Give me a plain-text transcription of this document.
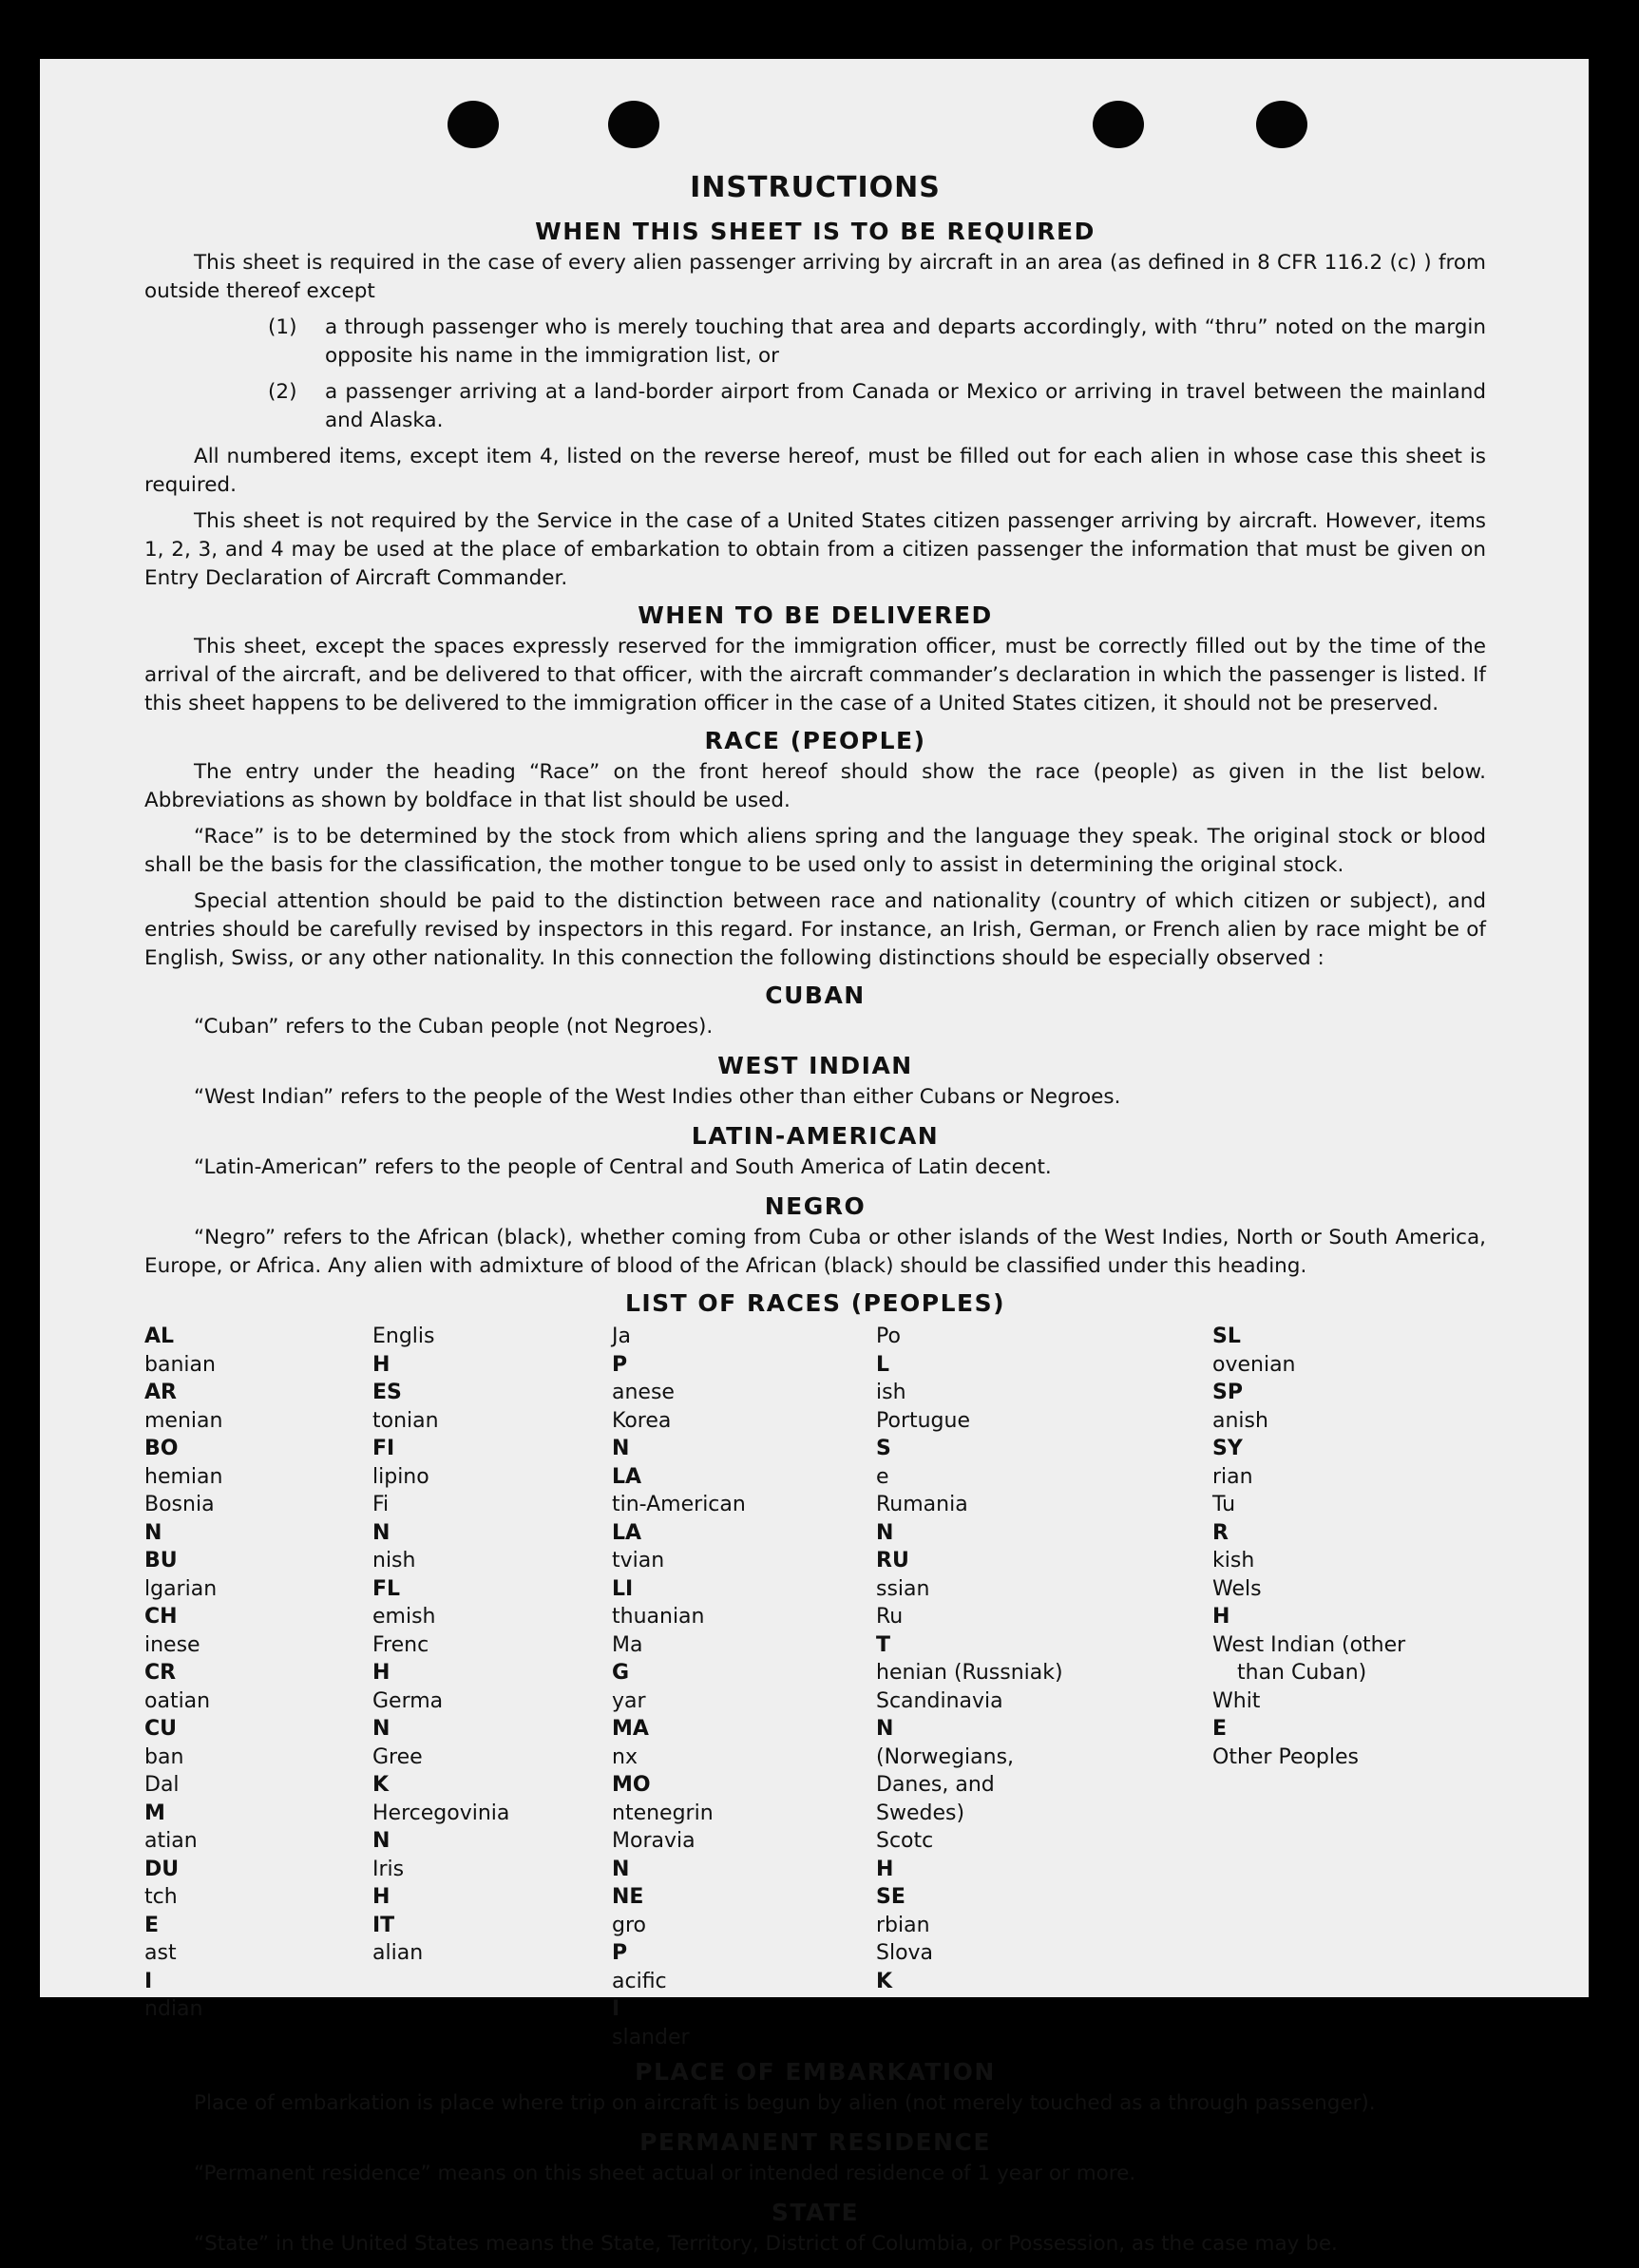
INSTRUCTIONS
WHEN THIS SHEET IS TO BE REQUIRED

This sheet is required in the case of every alien passenger arriving by aircraft in an area (as defined in 8 CFR 116.2 (c) ) from outside thereof except

(1)	a through passenger who is merely touching that area and departs accordingly, with “thru” noted on the margin opposite his name in the immigration list, or
(2)	a passenger arriving at a land-border airport from Canada or Mexico or arriving in travel between the mainland and Alaska.

All numbered items, except item 4, listed on the reverse hereof, must be filled out for each alien in whose case this sheet is required.

This sheet is not required by the Service in the case of a United States citizen passenger arriving by aircraft. However, items 1, 2, 3, and 4 may be used at the place of embarkation to obtain from a citizen passenger the information that must be given on Entry Declaration of Aircraft Commander.

WHEN TO BE DELIVERED

This sheet, except the spaces expressly reserved for the immigration officer, must be correctly filled out by the time of the arrival of the aircraft, and be delivered to that officer, with the aircraft commander’s declaration in which the passenger is listed. If this sheet happens to be delivered to the immigration officer in the case of a United States citizen, it should not be preserved.

RACE (PEOPLE)

The entry under the heading “Race” on the front hereof should show the race (people) as given in the list below. Abbreviations as shown by boldface in that list should be used.

“Race” is to be determined by the stock from which aliens spring and the language they speak. The original stock or blood shall be the basis for the classification, the mother tongue to be used only to assist in determining the original stock.

Special attention should be paid to the distinction between race and nationality (country of which citizen or subject), and entries should be carefully revised by inspectors in this regard. For instance, an Irish, German, or French alien by race might be of English, Swiss, or any other nationality. In this connection the following distinctions should be especially observed :

CUBAN
“Cuban” refers to the Cuban people (not Negroes).
WEST INDIAN
“West Indian” refers to the people of the West Indies other than either Cubans or Negroes.
LATIN-AMERICAN
“Latin-American” refers to the people of Central and South America of Latin decent.
NEGRO

“Negro” refers to the African (black), whether coming from Cuba or other islands of the West Indies, North or South America, Europe, or Africa. Any alien with admixture of blood of the African (black) should be classified under this heading.

LIST OF RACES (PEOPLES)
AL
banian
AR
menian
BO
hemian
Bosnia
N
BU
lgarian
CH
inese
CR
oatian
CU
ban
Dal
M
atian
DU
tch
E
ast
I
ndian
Englis
H
ES
tonian
FI
lipino
Fi
N
nish
FL
emish
Frenc
H
Germa
N
Gree
K
Hercegovinia
N
Iris
H
IT
alian
Ja
P
anese
Korea
N
LA
tin-American
LA
tvian
LI
thuanian
Ma
G
yar
MA
nx
MO
ntenegrin
Moravia
N
NE
gro
P
acific
I
slander
Po
L
ish
Portugue
S
e
Rumania
N
RU
ssian
Ru
T
henian (Russniak)
Scandinavia
N
(Norwegians,
Danes, and
Swedes)
Scotc
H
SE
rbian
Slova
K
SL
ovenian
SP
anish
SY
rian
Tu
R
kish
Wels
H
West Indian (other
than Cuban)
Whit
E
Other Peoples
PLACE OF EMBARKATION
Place of embarkation is place where trip on aircraft is begun by alien (not merely touched as a through passenger).
PERMANENT RESIDENCE
“Permanent residence” means on this sheet actual or intended residence of 1 year or more.
STATE
“State” in the United States means the State, Territory, District of Columbia, or Possession, as the case may be.
